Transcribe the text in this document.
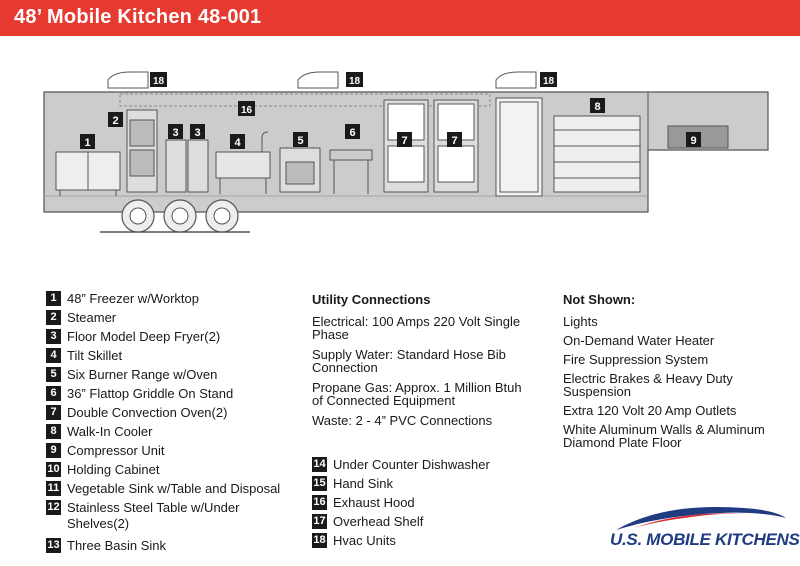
48’ Mobile Kitchen 48-001
1
2
3 3
4	5
6
7	7
8
9
16
18	18	18
1 48” Freezer w/Worktop
2 Steamer
3 Floor Model Deep Fryer(2)
4 Tilt Skillet
5 Six Burner Range w/Oven
6 36” Flattop Griddle On Stand
7 Double Convection Oven(2)
8 Walk-In Cooler
9 Compressor Unit
10 Holding Cabinet
11 Vegetable Sink w/Table and Disposal
12 Stainless Steel Table w/Under Shelves(2)
13 Three Basin Sink
Utility Connections
Electrical: 100 Amps 220 Volt Single Phase
Supply Water: Standard Hose Bib Connection
Propane Gas: Approx. 1 Million Btuh of Connected Equipment
Waste: 2 - 4” PVC Connections
14 Under Counter Dishwasher
15 Hand Sink
16 Exhaust Hood
17 Overhead Shelf
18 Hvac Units
Not Shown:
Lights
On-Demand Water Heater
Fire Suppression System
Electric Brakes & Heavy Duty Suspension
Extra 120 Volt 20 Amp Outlets
White Aluminum Walls & Aluminum Diamond Plate Floor
U.S. MOBILE KITCHENS
